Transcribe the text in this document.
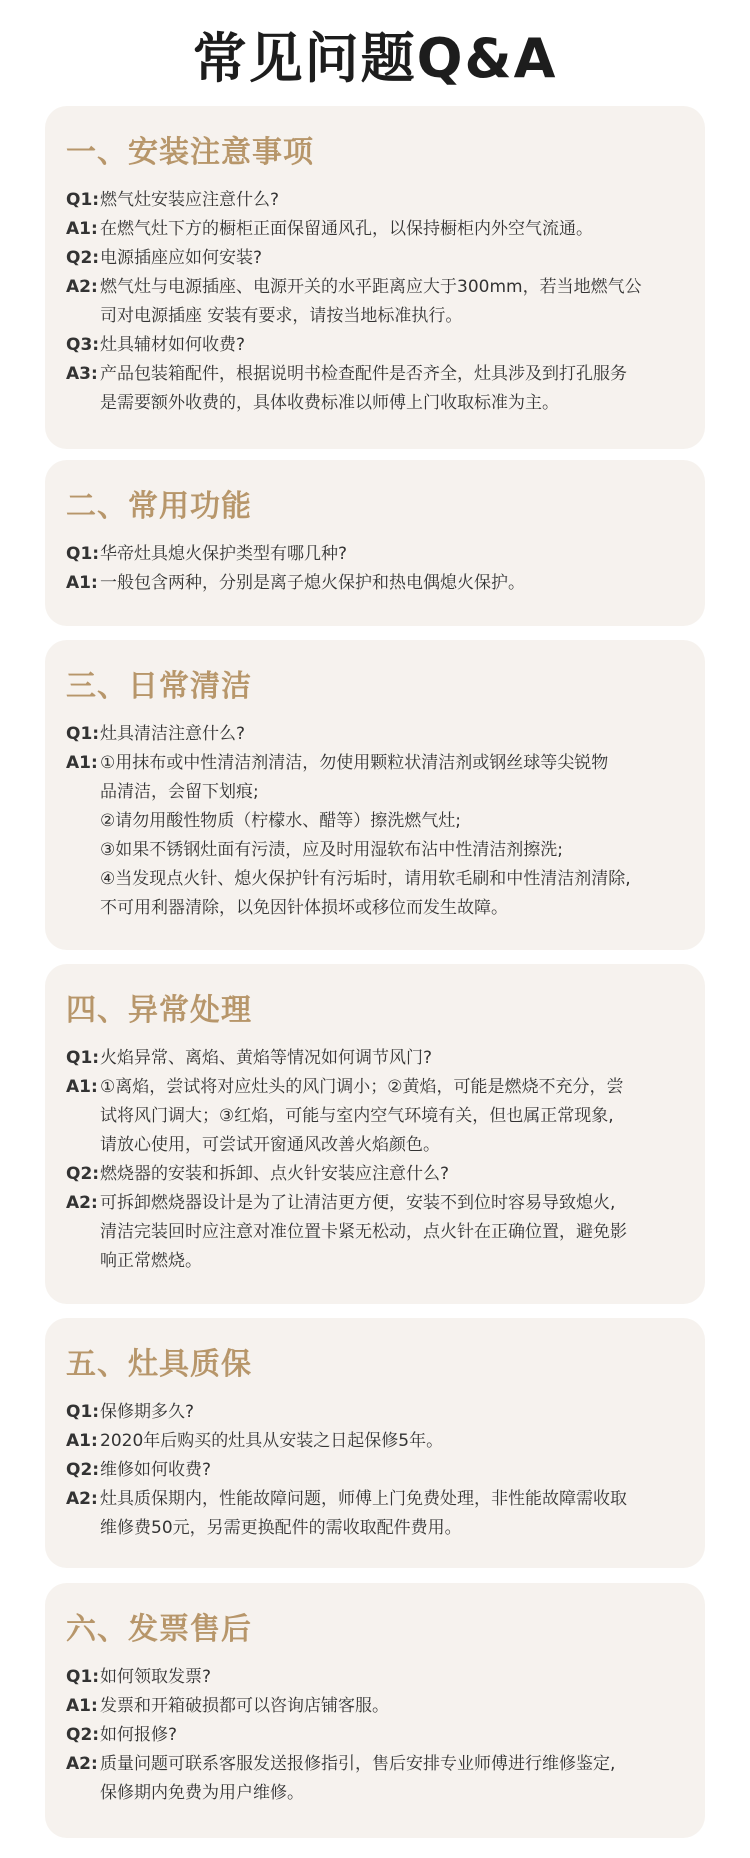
常见问题Q&A
一、安装注意事项
Q1: 燃气灶安装应注意什么?
A1: 在燃气灶下方的橱柜正面保留通风孔，以保持橱柜内外空气流通。
Q2: 电源插座应如何安装?
A2: 燃气灶与电源插座、电源开关的水平距离应大于300mm，若当地燃气公
司对电源插座 安装有要求，请按当地标准执行。
Q3: 灶具辅材如何收费?
A3: 产品包装箱配件，根据说明书检查配件是否齐全，灶具涉及到打孔服务
是需要额外收费的，具体收费标准以师傅上门收取标准为主。
二、常用功能
Q1: 华帝灶具熄火保护类型有哪几种?
A1: 一般包含两种，分别是离子熄火保护和热电偶熄火保护。
三、日常清洁
Q1: 灶具清洁注意什么?
A1: ①用抹布或中性清洁剂清洁，勿使用颗粒状清洁剂或钢丝球等尖锐物
品清洁，会留下划痕;
②请勿用酸性物质（柠檬水、醋等）擦洗燃气灶;
③如果不锈钢灶面有污渍，应及时用湿软布沾中性清洁剂擦洗;
④当发现点火针、熄火保护针有污垢时，请用软毛刷和中性清洁剂清除,
不可用利器清除，以免因针体损坏或移位而发生故障。
四、异常处理
Q1: 火焰异常、离焰、黄焰等情况如何调节风门?
A1: ①离焰，尝试将对应灶头的风门调小；②黄焰，可能是燃烧不充分，尝
试将风门调大；③红焰，可能与室内空气环境有关，但也属正常现象,
请放心使用，可尝试开窗通风改善火焰颜色。
Q2: 燃烧器的安装和拆卸、点火针安装应注意什么?
A2: 可拆卸燃烧器设计是为了让清洁更方便，安装不到位时容易导致熄火,
清洁完装回时应注意对准位置卡紧无松动，点火针在正确位置，避免影
响正常燃烧。
五、灶具质保
Q1: 保修期多久?
A1: 2020年后购买的灶具从安装之日起保修5年。
Q2: 维修如何收费?
A2: 灶具质保期内，性能故障问题，师傅上门免费处理，非性能故障需收取
维修费50元，另需更换配件的需收取配件费用。
六、发票售后
Q1: 如何领取发票?
A1: 发票和开箱破损都可以咨询店铺客服。
Q2: 如何报修?
A2: 质量问题可联系客服发送报修指引，售后安排专业师傅进行维修鉴定,
保修期内免费为用户维修。
